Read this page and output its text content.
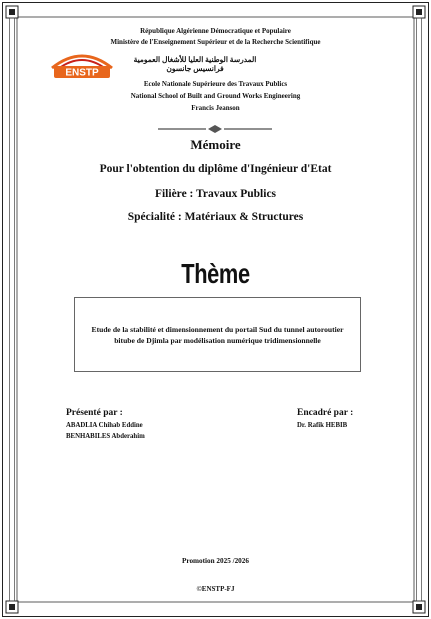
République Algérienne Démocratique et Populaire
Ministère de l'Enseignement Supérieur et de la Recherche Scientifique
ENSTP
المدرسة الوطنية العليا للأشغال العمومية
فرانسيس جانسون
Ecole Nationale Supérieure des Travaux Publics
National School of Built and Ground Works Engineering
Francis Jeanson
Mémoire
Pour l'obtention du diplôme d'Ingénieur d'Etat
Filière : Travaux Publics
Spécialité : Matériaux & Structures
Thème
Etude de la stabilité et dimensionnement du portail Sud du tunnel autoroutier bitube de Djimla par modélisation numérique tridimensionnelle
Présenté par :
ABADLIA Chihab Eddine
BENHABILES Abderahim
Encadré par :
Dr. Rafik HEBIB
Promotion 2025 /2026
©ENSTP-FJ
